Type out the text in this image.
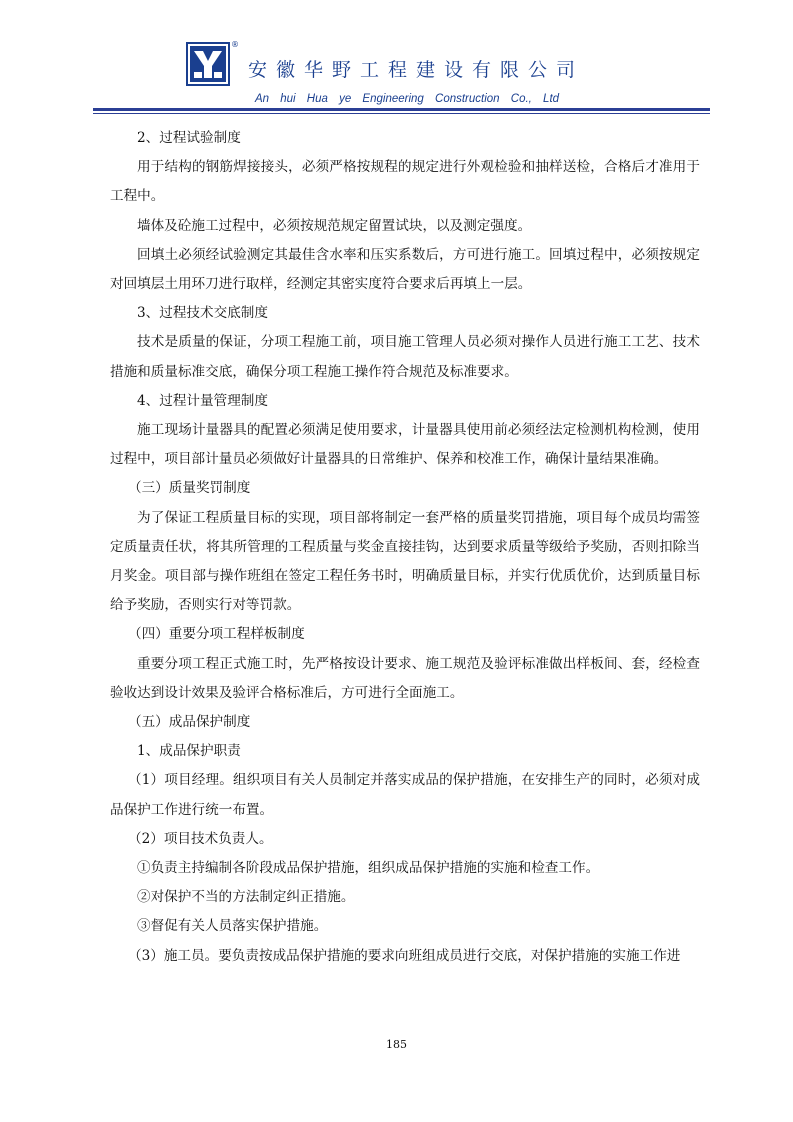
®
安徽华野工程建设有限公司
An hui Hua ye Engineering Construction Co., Ltd

2、过程试验制度

用于结构的钢筋焊接接头，必须严格按规程的规定进行外观检验和抽样送检，合格后才准用于工程中。

墙体及砼施工过程中，必须按规范规定留置试块，以及测定强度。

回填土必须经试验测定其最佳含水率和压实系数后，方可进行施工。回填过程中，必须按规定对回填层土用环刀进行取样，经测定其密实度符合要求后再填上一层。

3、过程技术交底制度

技术是质量的保证，分项工程施工前，项目施工管理人员必须对操作人员进行施工工艺、技术措施和质量标准交底，确保分项工程施工操作符合规范及标准要求。

4、过程计量管理制度

施工现场计量器具的配置必须满足使用要求，计量器具使用前必须经法定检测机构检测，使用过程中，项目部计量员必须做好计量器具的日常维护、保养和校准工作，确保计量结果准确。

（三）质量奖罚制度

为了保证工程质量目标的实现，项目部将制定一套严格的质量奖罚措施，项目每个成员均需签定质量责任状，将其所管理的工程质量与奖金直接挂钩，达到要求质量等级给予奖励，否则扣除当月奖金。项目部与操作班组在签定工程任务书时，明确质量目标，并实行优质优价，达到质量目标给予奖励，否则实行对等罚款。

（四）重要分项工程样板制度

重要分项工程正式施工时，先严格按设计要求、施工规范及验评标准做出样板间、套，经检查验收达到设计效果及验评合格标准后，方可进行全面施工。

（五）成品保护制度

1、成品保护职责

（1）项目经理。组织项目有关人员制定并落实成品的保护措施，在安排生产的同时，必须对成品保护工作进行统一布置。

（2）项目技术负责人。

①负责主持编制各阶段成品保护措施，组织成品保护措施的实施和检查工作。

②对保护不当的方法制定纠正措施。

③督促有关人员落实保护措施。

（3）施工员。要负责按成品保护措施的要求向班组成员进行交底，对保护措施的实施工作进

185
